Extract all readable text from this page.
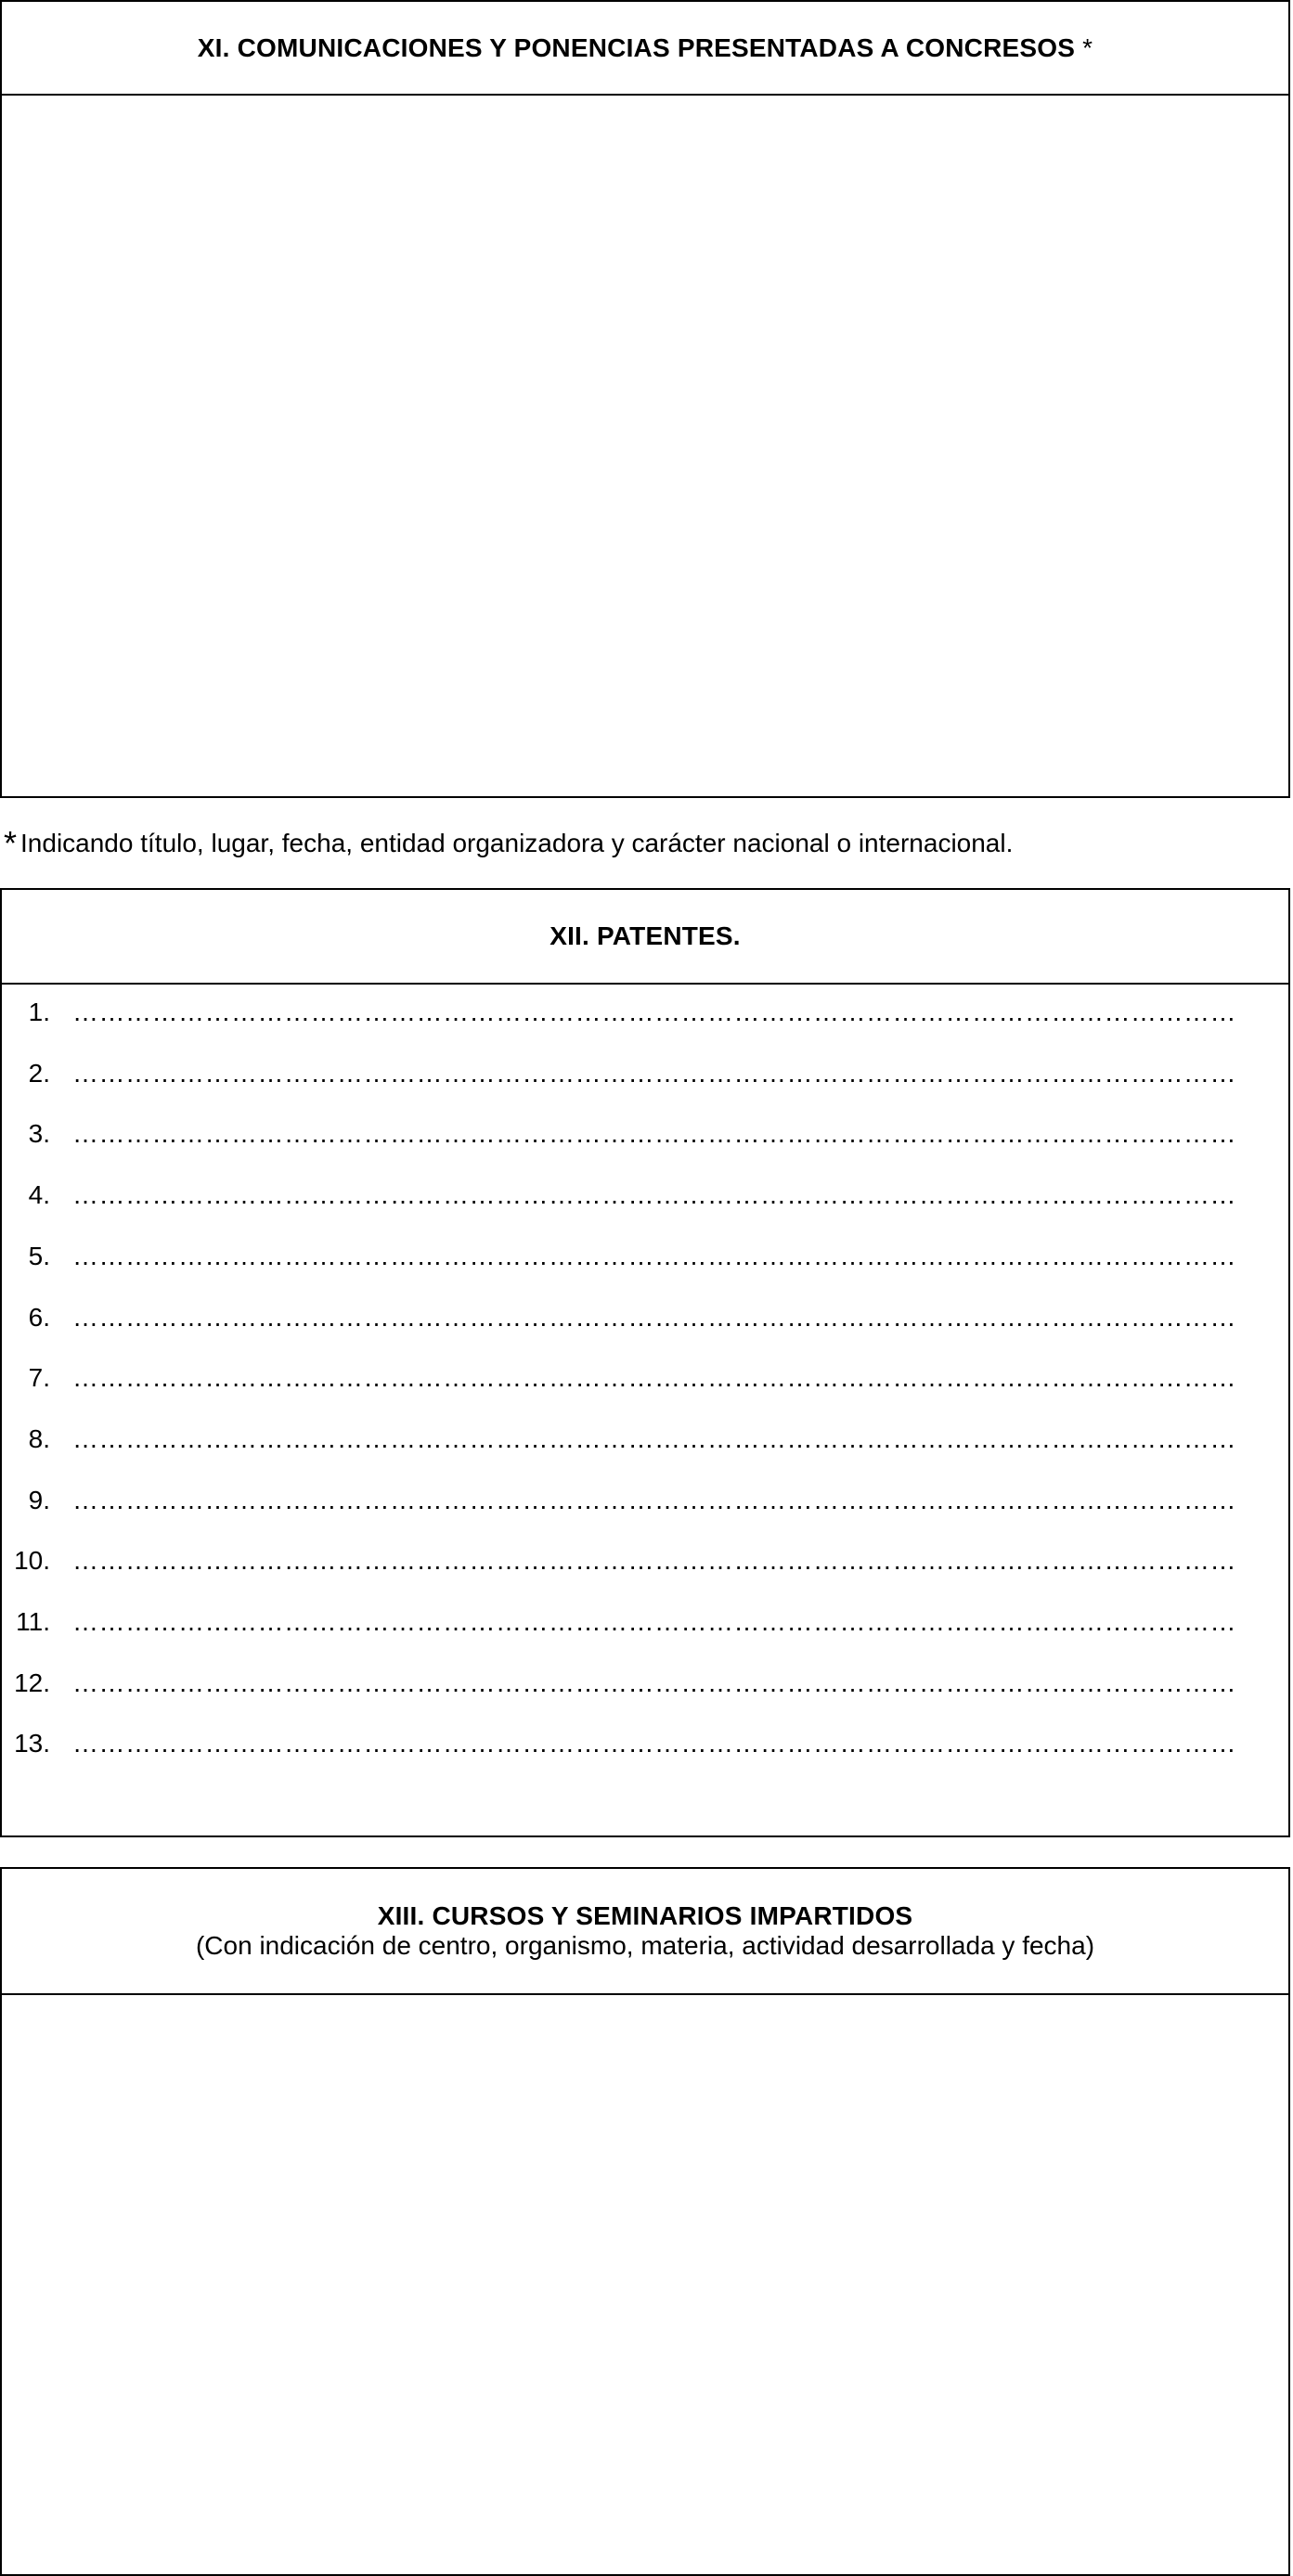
XI. COMUNICACIONES Y PONENCIAS PRESENTADAS A CONCRESOS *
* Indicando título, lugar, fecha, entidad organizadora y carácter nacional o internacional.
XII. PATENTES.
1. ……………………………………………………………………………………………………………………
2. ……………………………………………………………………………………………………………………
3. ……………………………………………………………………………………………………………………
4. ……………………………………………………………………………………………………………………
5. ……………………………………………………………………………………………………………………
6. ……………………………………………………………………………………………………………………
7. ……………………………………………………………………………………………………………………
8. ……………………………………………………………………………………………………………………
9. ……………………………………………………………………………………………………………………
10. ……………………………………………………………………………………………………………………
11. ……………………………………………………………………………………………………………………
12. ……………………………………………………………………………………………………………………
13. ……………………………………………………………………………………………………………………
XIII. CURSOS Y SEMINARIOS IMPARTIDOS
(Con indicación de centro, organismo, materia, actividad desarrollada y fecha)
